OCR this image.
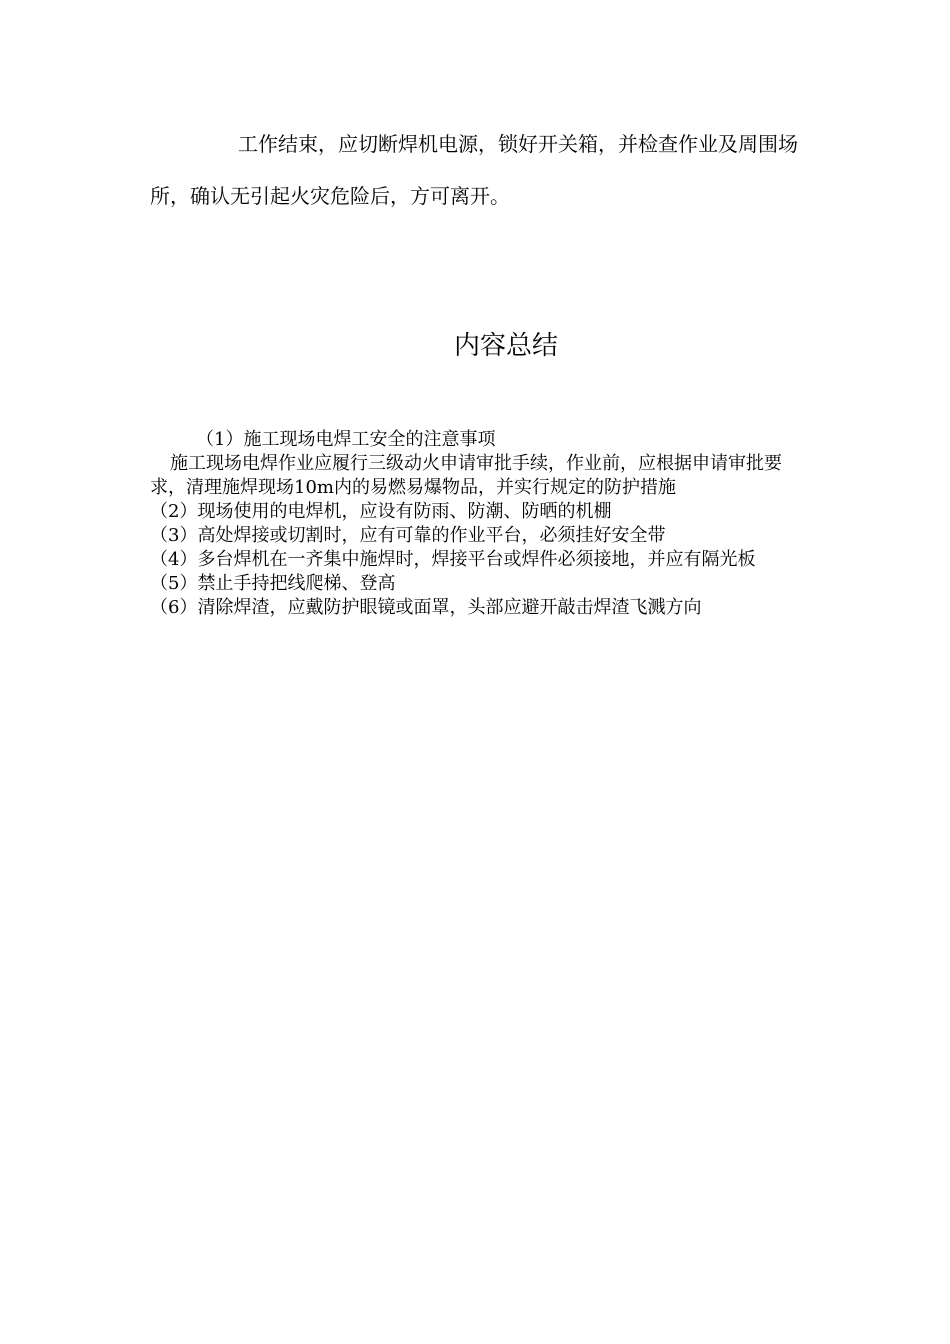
工作结束，应切断焊机电源，锁好开关箱，并检查作业及周围场所，确认无引起火灾危险后，方可离开。

内容总结

（1）施工现场电焊工安全的注意事项

施工现场电焊作业应履行三级动火申请审批手续，作业前，应根据申请审批要求，清理施焊现场10m内的易燃易爆物品，并实行规定的防护措施

（2）现场使用的电焊机，应设有防雨、防潮、防晒的机棚

（3）高处焊接或切割时，应有可靠的作业平台，必须挂好安全带

（4）多台焊机在一齐集中施焊时，焊接平台或焊件必须接地，并应有隔光板

（5）禁止手持把线爬梯、登高

（6）清除焊渣，应戴防护眼镜或面罩，头部应避开敲击焊渣飞溅方向
